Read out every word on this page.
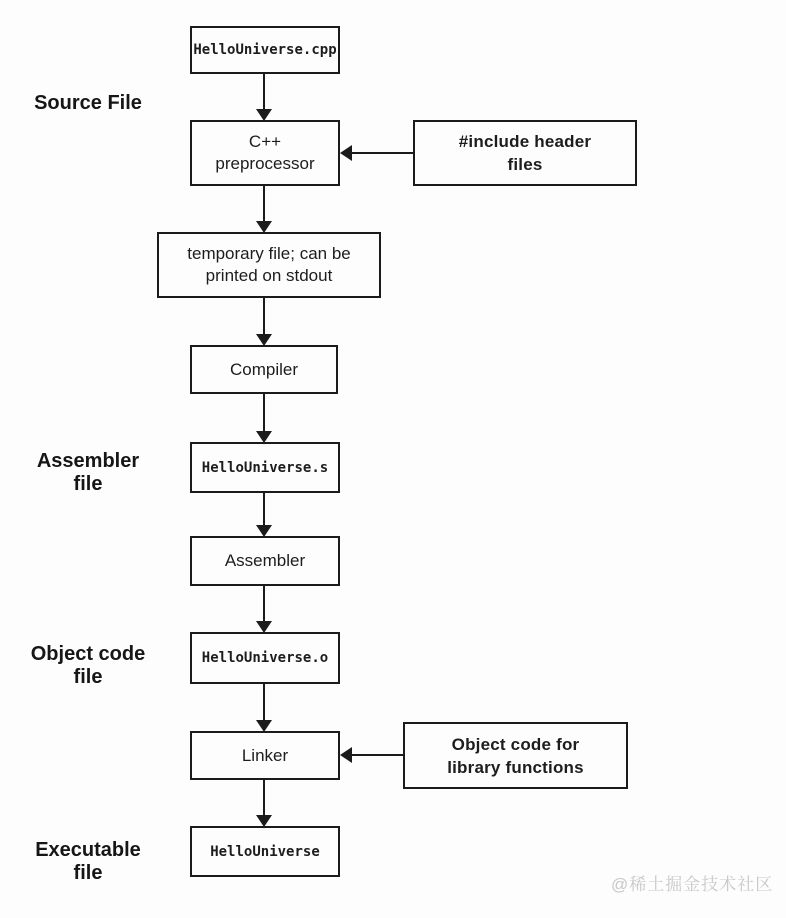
Source File
Assembler
file
Object code
file
Executable
file
HelloUniverse.cpp
C++
preprocessor
temporary file; can be
printed on stdout
Compiler
HelloUniverse.s
Assembler
HelloUniverse.o
Linker
HelloUniverse
#include header
files
Object code for
library functions
@稀土掘金技术社区
